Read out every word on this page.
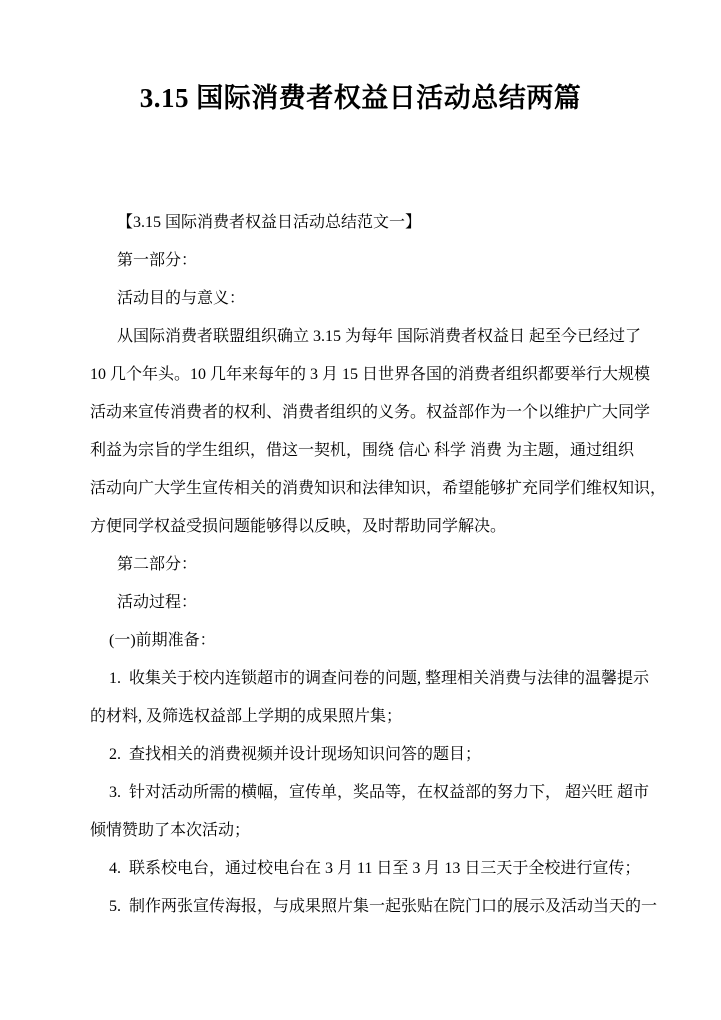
3.15 国际消费者权益日活动总结两篇
【3.15 国际消费者权益日活动总结范文一】
第一部分：
活动目的与意义：
从国际消费者联盟组织确立 3.15 为每年 国际消费者权益日 起至今已经过了
10 几个年头。10 几年来每年的 3 月 15 日世界各国的消费者组织都要举行大规模
活动来宣传消费者的权利、消费者组织的义务。权益部作为一个以维护广大同学
利益为宗旨的学生组织，借这一契机，围绕 信心 科学 消费 为主题，通过组织
活动向广大学生宣传相关的消费知识和法律知识，希望能够扩充同学们维权知识，
方便同学权益受损问题能够得以反映，及时帮助同学解决。
第二部分：
活动过程：
(一)前期准备：
1.  收集关于校内连锁超市的调查问卷的问题, 整理相关消费与法律的温馨提示
的材料, 及筛选权益部上学期的成果照片集；
2.  查找相关的消费视频并设计现场知识问答的题目；
3.  针对活动所需的横幅，宣传单，奖品等，在权益部的努力下， 超兴旺 超市
倾情赞助了本次活动；
4.  联系校电台，通过校电台在 3 月 11 日至 3 月 13 日三天于全校进行宣传；
5.  制作两张宣传海报，与成果照片集一起张贴在院门口的展示及活动当天的一
